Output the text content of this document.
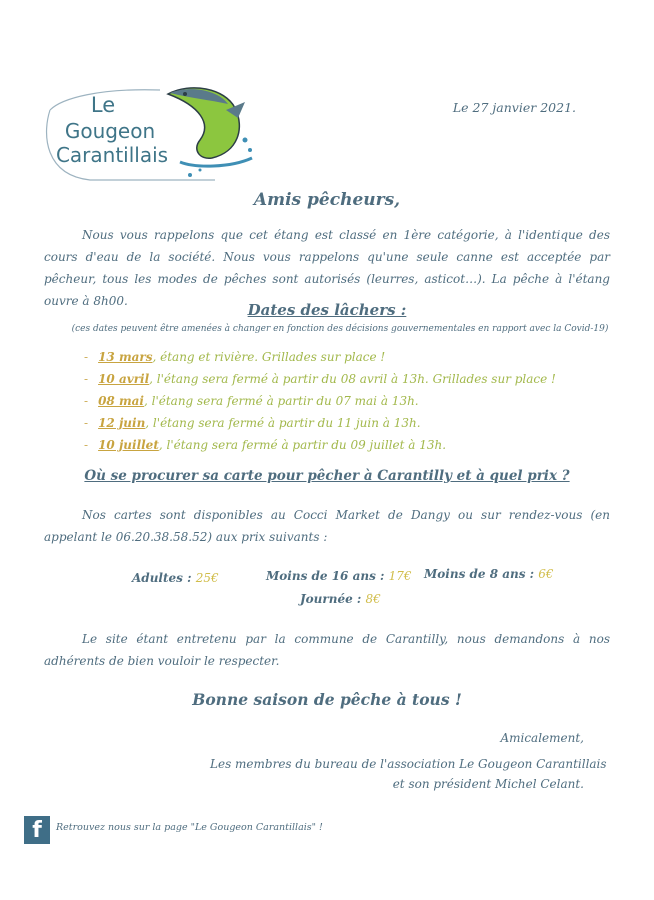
Le
Gougeon
Carantillais
Le 27 janvier 2021.
Amis pêcheurs,
Nous vous rappelons que cet étang est classé en 1ère catégorie, à l'identique des cours d'eau de la société. Nous vous rappelons qu'une seule canne est acceptée par pêcheur, tous les modes de pêches sont autorisés (leurres, asticot…). La pêche à l'étang ouvre à 8h00.	Dates des lâchers :
(ces dates peuvent être amenées à changer en fonction des décisions gouvernementales en rapport avec la Covid-19)
- 13 mars, étang et rivière. Grillades sur place !
- 10 avril, l'étang sera fermé à partir du 08 avril à 13h. Grillades sur place !
- 08 mai, l'étang sera fermé à partir du 07 mai à 13h.
- 12 juin, l'étang sera fermé à partir du 11 juin à 13h.
- 10 juillet, l'étang sera fermé à partir du 09 juillet à 13h.
Où se procurer sa carte pour pêcher à Carantilly et à quel prix ?
Nos cartes sont disponibles au Cocci Market de Dangy ou sur rendez-vous (en appelant le 06.20.38.58.52) aux prix suivants :
Adultes : 25€	Moins de 16 ans : 17€ Moins de 8 ans : 6€
Journée : 8€
Le site étant entretenu par la commune de Carantilly, nous demandons à nos adhérents de bien vouloir le respecter.
Bonne saison de pêche à tous !
Amicalement,
Les membres du bureau de l'association Le Gougeon Carantillais
et son président Michel Celant.
f	Retrouvez nous sur la page "Le Gougeon Carantillais" !
